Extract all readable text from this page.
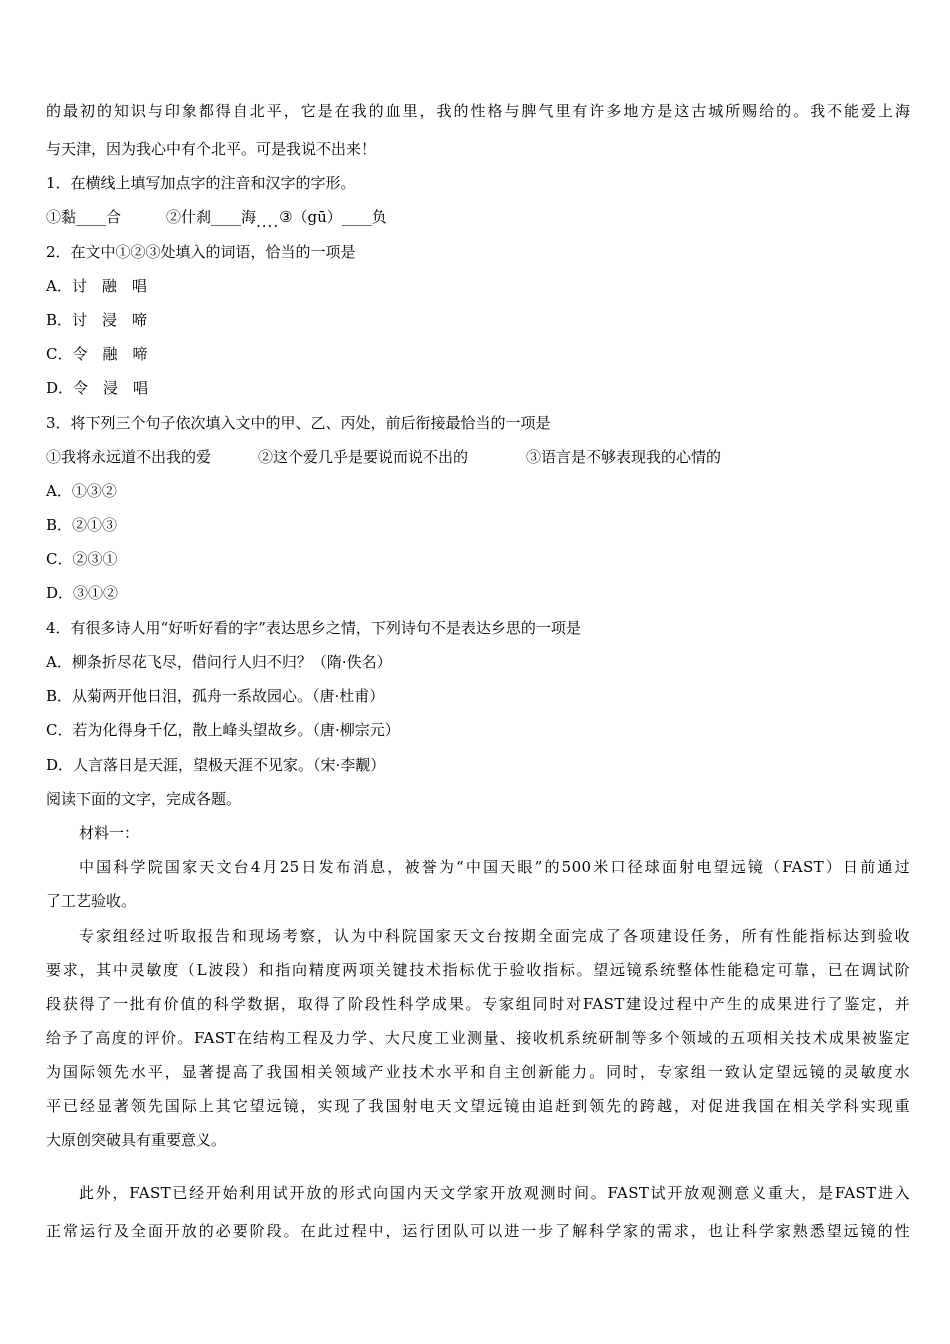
的最初的知识与印象都得自北平，它是在我的血里，我的性格与脾气里有许多地方是这古城所赐给的。我不能爱上海
与天津，因为我心中有个北平。可是我说不出来！
1．在横线上填写加点字的注音和汉字的字形。
①黏____合	②什刹____海....③（gū）____负
2．在文中①②③处填入的词语，恰当的一项是
A．讨　融　唱
B．讨　浸　啼
C．令　融　啼
D．令　浸　唱
3．将下列三个句子依次填入文中的甲、乙、丙处，前后衔接最恰当的一项是
①我将永远道不出我的爱	②这个爱几乎是要说而说不出的	③语言是不够表现我的心情的
A．①③②
B．②①③
C．②③①
D．③①②
4．有很多诗人用“好听好看的字”表达思乡之情，下列诗句不是表达乡思的一项是
A．柳条折尽花飞尽，借问行人归不归？（隋·佚名）
B．从菊两开他日泪，孤舟一系故园心。（唐·杜甫）
C．若为化得身千亿，散上峰头望故乡。（唐·柳宗元）
D．人言落日是天涯，望极天涯不见家。（宋·李觏）
阅读下面的文字，完成各题。
材料一：
中国科学院国家天文台4月25日发布消息，被誉为“中国天眼”的500米口径球面射电望远镜（FAST）日前通过
了工艺验收。
专家组经过听取报告和现场考察，认为中科院国家天文台按期全面完成了各项建设任务，所有性能指标达到验收
要求，其中灵敏度（L波段）和指向精度两项关键技术指标优于验收指标。望远镜系统整体性能稳定可靠，已在调试阶
段获得了一批有价值的科学数据，取得了阶段性科学成果。专家组同时对FAST建设过程中产生的成果进行了鉴定，并
给予了高度的评价。FAST在结构工程及力学、大尺度工业测量、接收机系统研制等多个领域的五项相关技术成果被鉴定
为国际领先水平，显著提高了我国相关领域产业技术水平和自主创新能力。同时，专家组一致认定望远镜的灵敏度水
平已经显著领先国际上其它望远镜，实现了我国射电天文望远镜由追赶到领先的跨越，对促进我国在相关学科实现重
大原创突破具有重要意义。
此外，FAST已经开始利用试开放的形式向国内天文学家开放观测时间。FAST试开放观测意义重大，是FAST进入
正常运行及全面开放的必要阶段。在此过程中，运行团队可以进一步了解科学家的需求，也让科学家熟悉望远镜的性
